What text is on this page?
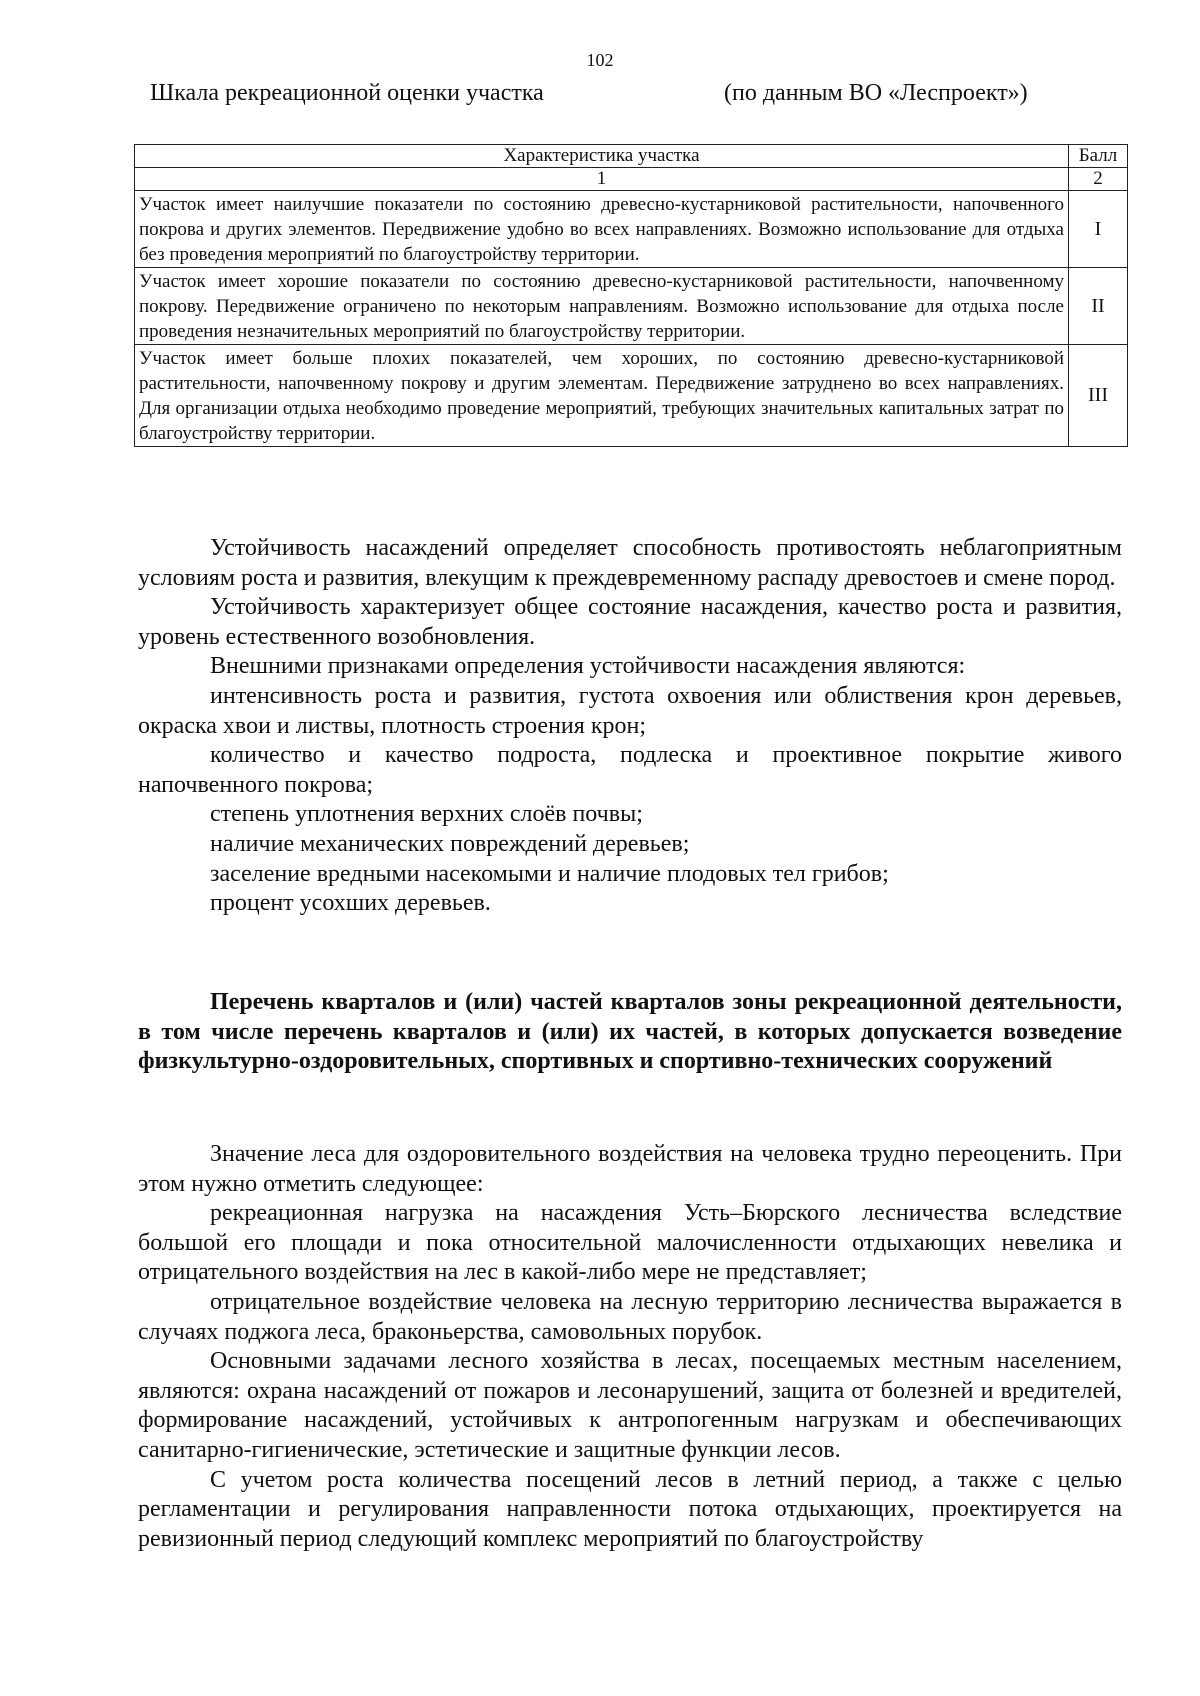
102
Шкала рекреационной оценки участка	(по данным ВО «Леспроект»)
Характеристика участка	Балл
1	2
Участок имеет наилучшие показатели по состоянию древесно-кустарниковой растительности, напочвенного покрова и других элементов. Передвижение удобно во всех направлениях. Возможно использование для отдыха без проведения мероприятий по благоустройству территории.	I
Участок имеет хорошие показатели по состоянию древесно-кустарниковой растительности, напочвенному покрову. Передвижение ограничено по некоторым направлениям. Возможно использование для отдыха после проведения незначительных мероприятий по благоустройству территории.	II
Участок имеет больше плохих показателей, чем хороших, по состоянию древесно-кустарниковой растительности, напочвенному покрову и другим элементам. Передвижение затруднено во всех направлениях. Для организации отдыха необходимо проведение мероприятий, требующих значительных капитальных затрат по благоустройству территории.	III

Устойчивость насаждений определяет способность противостоять неблагоприятным условиям роста и развития, влекущим к преждевременному распаду древостоев и смене пород.

Устойчивость характеризует общее состояние насаждения, качество роста и развития, уровень естественного возобновления.

Внешними признаками определения устойчивости насаждения являются:

интенсивность роста и развития, густота охвоения или облиствения крон деревьев, окраска хвои и листвы, плотность строения крон;

количество и качество подроста, подлеска и проективное покрытие живого напочвенного покрова;

степень уплотнения верхних слоёв почвы;

наличие механических повреждений деревьев;

заселение вредными насекомыми и наличие плодовых тел грибов;

процент усохших деревьев.

Перечень кварталов и (или) частей кварталов зоны рекреационной деятельности, в том числе перечень кварталов и (или) их частей, в которых допускается возведение физкультурно-оздоровительных, спортивных и спортивно-технических сооружений

Значение леса для оздоровительного воздействия на человека трудно переоценить. При этом нужно отметить следующее:

рекреационная нагрузка на насаждения Усть–Бюрского лесничества вследствие большой его площади и пока относительной малочисленности отдыхающих невелика и отрицательного воздействия на лес в какой-либо мере не представляет;

отрицательное воздействие человека на лесную территорию лесничества выражается в случаях поджога леса, браконьерства, самовольных порубок.

Основными задачами лесного хозяйства в лесах, посещаемых местным населением, являются: охрана насаждений от пожаров и лесонарушений, защита от болезней и вредителей, формирование насаждений, устойчивых к антропогенным нагрузкам и обеспечивающих санитарно-гигиенические, эстетические и защитные функции лесов.

С учетом роста количества посещений лесов в летний период, а также с целью регламентации и регулирования направленности потока отдыхающих, проектируется на ревизионный период следующий комплекс мероприятий по благоустройству
